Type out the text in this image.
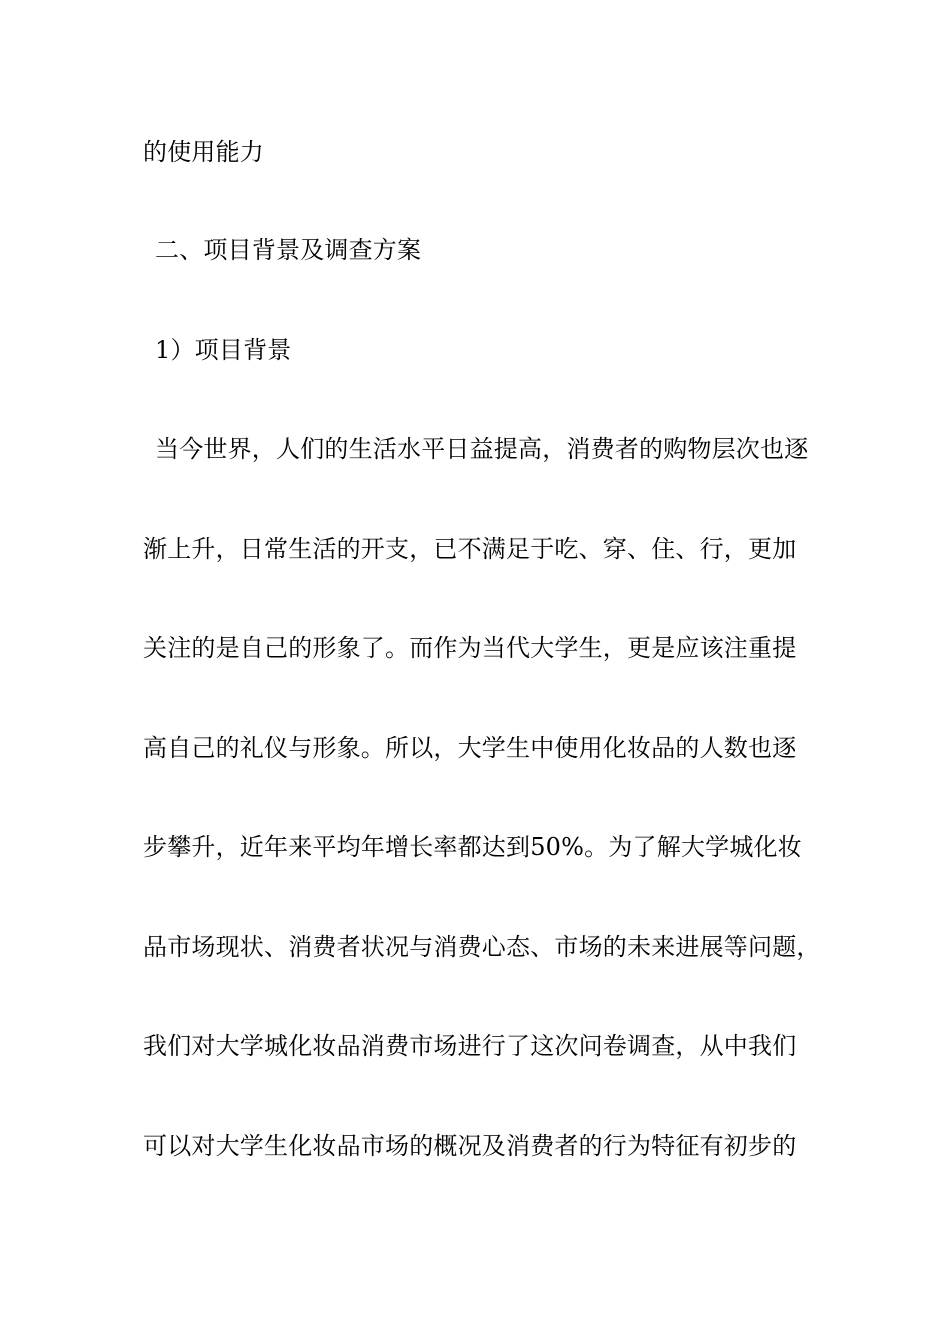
的使用能力
二、项目背景及调查方案
1）项目背景
当今世界，人们的生活水平日益提高，消费者的购物层次也逐
渐上升，日常生活的开支，已不满足于吃、穿、住、行，更加
关注的是自己的形象了。而作为当代大学生，更是应该注重提
高自己的礼仪与形象。所以，大学生中使用化妆品的人数也逐
步攀升，近年来平均年增长率都达到50%。为了解大学城化妆
品市场现状、消费者状况与消费心态、市场的未来进展等问题，
我们对大学城化妆品消费市场进行了这次问卷调查，从中我们
可以对大学生化妆品市场的概况及消费者的行为特征有初步的
